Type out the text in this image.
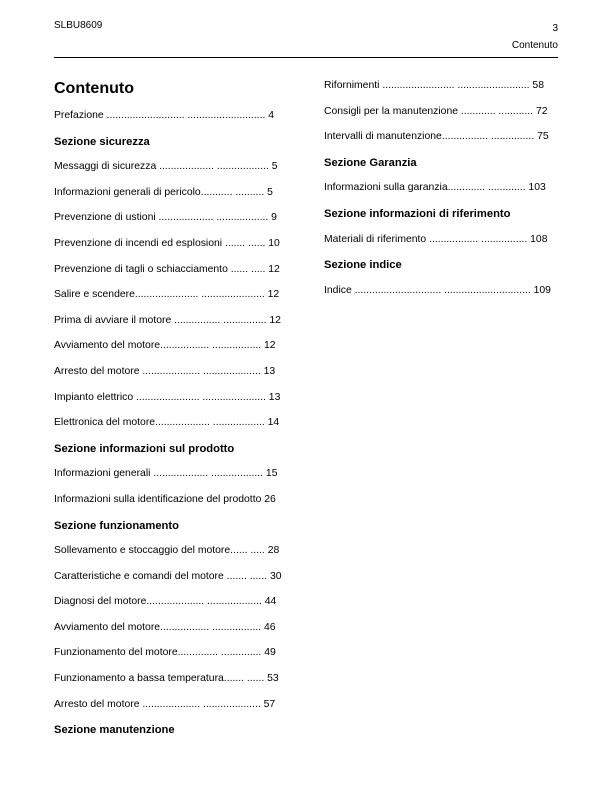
SLBU8609	3
Contenuto
Contenuto
Prefazione ........................... ........................... 4
Sezione sicurezza
Messaggi di sicurezza ................... .................. 5
Informazioni generali di pericolo........... .......... 5
Prevenzione di ustioni ................... .................. 9
Prevenzione di incendi ed esplosioni ....... ...... 10
Prevenzione di tagli o schiacciamento ...... ..... 12
Salire e scendere...................... ...................... 12
Prima di avviare il motore ................ ............... 12
Avviamento del motore................. ................. 12
Arresto del motore .................... .................... 13
Impianto elettrico ...................... ...................... 13
Elettronica del motore................... .................. 14
Sezione informazioni sul prodotto
Informazioni generali ................... .................. 15
Informazioni sulla identificazione del prodotto 26
Sezione funzionamento
Sollevamento e stoccaggio del motore...... ..... 28
Caratteristiche e comandi del motore ....... ...... 30
Diagnosi del motore.................... ................... 44
Avviamento del motore................. ................. 46
Funzionamento del motore.............. .............. 49
Funzionamento a bassa temperatura....... ...... 53
Arresto del motore .................... .................... 57
Sezione manutenzione
Rifornimenti ......................... ......................... 58
Consigli per la manutenzione ............ ............ 72
Intervalli di manutenzione................ ............... 75
Sezione Garanzia
Informazioni sulla garanzia............. ............. 103
Sezione informazioni di riferimento
Materiali di riferimento ................. ................ 108
Sezione indice
Indice .............................. .............................. 109
